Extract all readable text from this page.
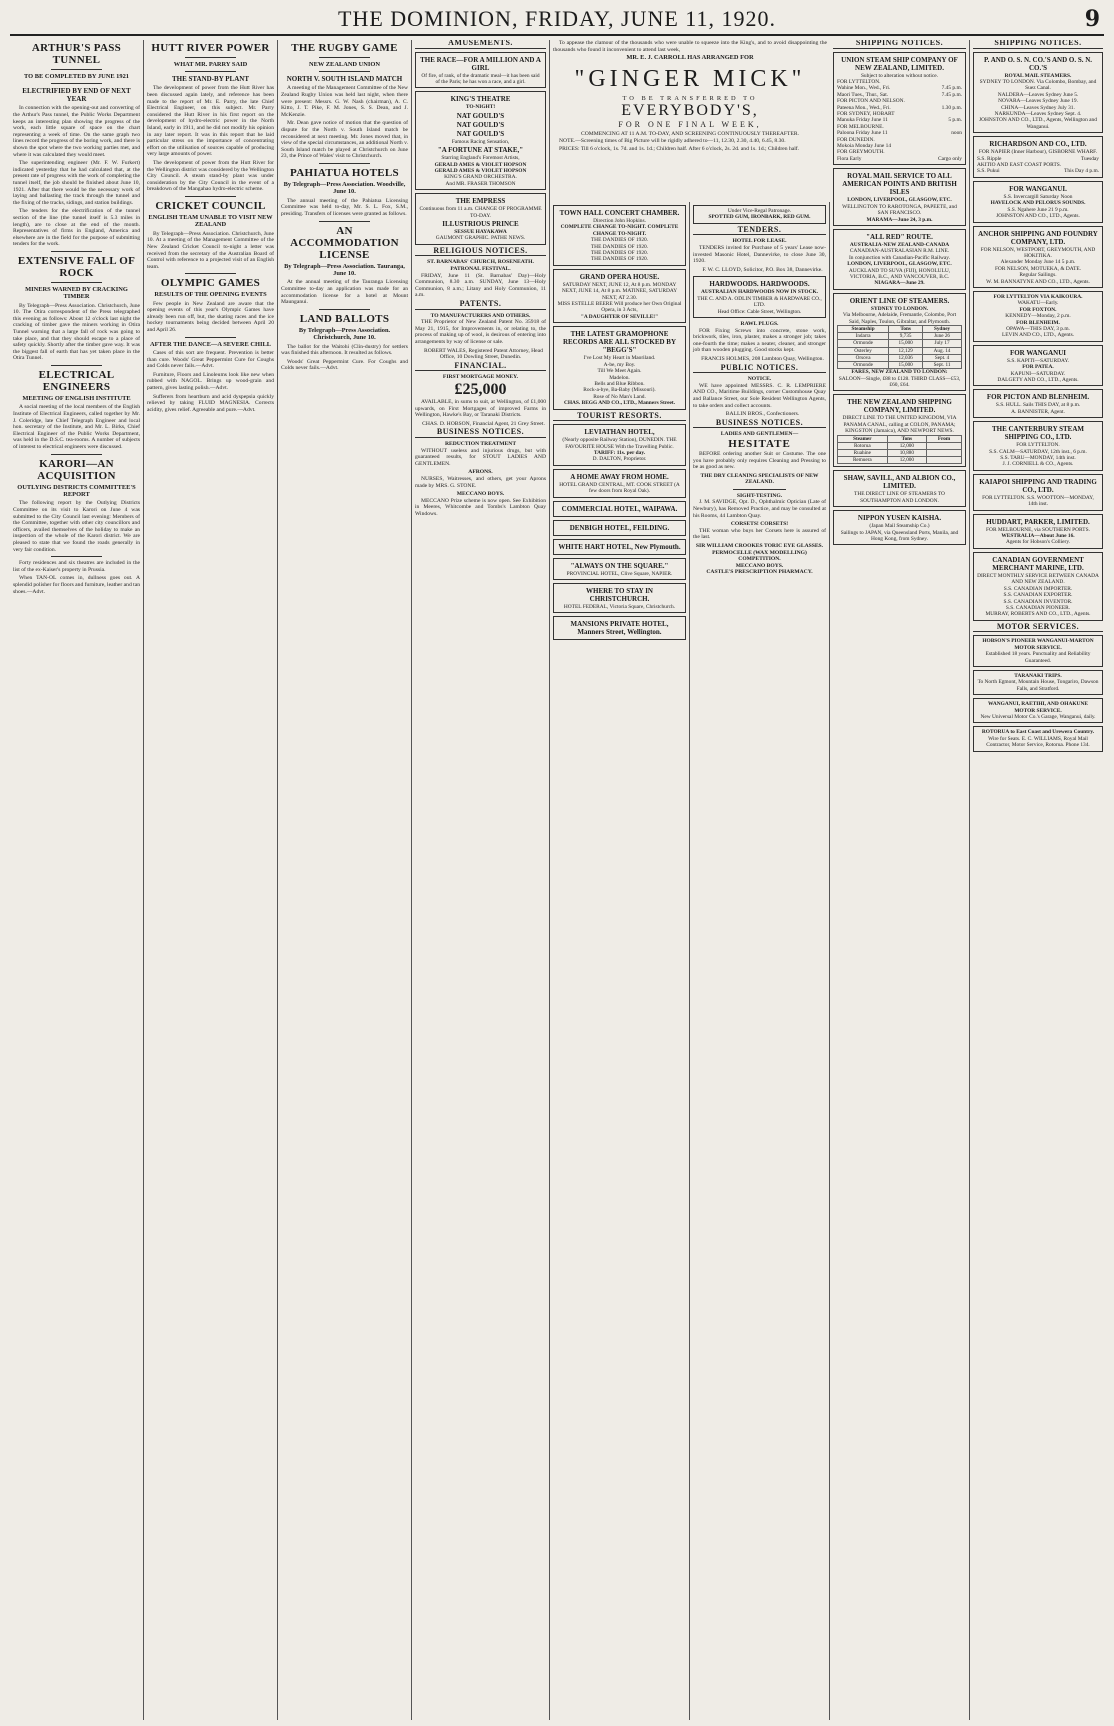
THE DOMINION, FRIDAY, JUNE 11, 1920.	9
ARTHUR'S PASS TUNNEL
TO BE COMPLETED BY JUNE 1921
ELECTRIFIED BY END OF NEXT YEAR

In connection with the opening-out and converting of the Arthur's Pass tunnel, the Public Works Department keeps an interesting plan showing the progress of the work, each little square of space on the chart representing a week of time. On the same graph two lines record the progress of the boring work, and there is shown the spot where the two working parties met, and where it was calculated they would meet.

The superintending engineer (Mr. F. W. Furkert) indicated yesterday that he had calculated that, at the present rate of progress with the work of completing the tunnel itself, the job should be finished about June 10, 1921. After that there would be the necessary work of laying and ballasting the track through the tunnel and the fixing of the tracks, sidings, and station buildings.

The tenders for the electrification of the tunnel section of the line (the tunnel itself is 5.3 miles in length), are to close at the end of the month. Representatives of firms in England, America and elsewhere are in the field for the purpose of submitting tenders for the work.

EXTENSIVE FALL OF ROCK
MINERS WARNED BY CRACKING TIMBER

By Telegraph—Press Association. Christchurch, June 10. The Otira correspondent of the Press telegraphed this evening as follows: About 12 o'clock last night the cracking of timber gave the miners working in Otira Tunnel warning that a large fall of rock was going to take place, and that they should escape to a place of safety quickly. Shortly after the timber gave way. It was the biggest fall of earth that has yet taken place in the Otira Tunnel.

ELECTRICAL ENGINEERS
MEETING OF ENGLISH INSTITUTE

A social meeting of the local members of the English Institute of Electrical Engineers, called together by Mr. J. Coleridge, late Chief Telegraph Engineer and local hon. secretary of the Institute, and Mr. L. Birks, Chief Electrical Engineer of the Public Works Department, was held in the D.S.C. tea-rooms. A number of subjects of interest to electrical engineers were discussed.

KARORI—AN ACQUISITION
OUTLYING DISTRICTS COMMITTEE'S REPORT

The following report by the Outlying Districts Committee on its visit to Karori on June 4 was submitted to the City Council last evening: Members of the Committee, together with other city councillors and officers, availed themselves of the holiday to make an inspection of the whole of the Karori district. We are pleased to state that we found the roads generally in very fair condition.

Forty residences and six theatres are included in the list of the ex-Kaiser's property in Prussia.

When TAN-OL comes in, dullness goes out. A splendid polisher for floors and furniture, leather and tan shoes.—Advt.

HUTT RIVER POWER
WHAT MR. PARRY SAID
THE STAND-BY PLANT

The development of power from the Hutt River has been discussed again lately, and reference has been made to the report of Mr. E. Parry, the late Chief Electrical Engineer, on this subject. Mr. Parry considered the Hutt River in his first report on the development of hydro-electric power in the North Island, early in 1911, and he did not modify his opinion in any later report. It was in this report that he laid particular stress on the importance of concentrating effort on the utilisation of sources capable of producing very large amounts of power.

The development of power from the Hutt River for the Wellington district was considered by the Wellington City Council. A steam stand-by plant was under consideration by the City Council in the event of a breakdown of the Mangahao hydro-electric scheme.

CRICKET COUNCIL
ENGLISH TEAM UNABLE TO VISIT NEW ZEALAND

By Telegraph—Press Association. Christchurch, June 10. At a meeting of the Management Committee of the New Zealand Cricket Council to-night a letter was received from the secretary of the Australian Board of Control with reference to a projected visit of an English team.

OLYMPIC GAMES
RESULTS OF THE OPENING EVENTS

Few people in New Zealand are aware that the opening events of this year's Olympic Games have already been run off, but, the skating races and the ice hockey tournaments being decided between April 20 and April 26.

AFTER THE DANCE—A SEVERE CHILL

Cases of this sort are frequent. Prevention is better than cure. Woods' Great Peppermint Cure for Coughs and Colds never fails.—Advt.

Furniture, Floors and Linoleums look like new when rubbed with NAGOL. Brings up wood-grain and pattern, gives lasting polish.—Advt.

Sufferers from heartburn and acid dyspepsia quickly relieved by taking FLUID MAGNESIA. Corrects acidity, gives relief. Agreeable and pure.—Advt.

THE RUGBY GAME
NEW ZEALAND UNION
NORTH V. SOUTH ISLAND MATCH

A meeting of the Management Committee of the New Zealand Rugby Union was held last night, when there were present: Messrs. G. W. Nash (chairman), A. C. Kitto, J. T. Pike, F. M. Jones, S. S. Dean, and J. McKenzie.

Mr. Dean gave notice of motion that the question of dispute for the North v. South Island match be reconsidered at next meeting. Mr. Jones moved that, in view of the special circumstances, an additional North v. South Island match be played at Christchurch on June 23, the Prince of Wales' visit to Christchurch.

PAHIATUA HOTELS
By Telegraph—Press Association. Woodville, June 10.

The annual meeting of the Pahiatua Licensing Committee was held to-day, Mr. S. L. Fox, S.M., presiding. Transfers of licenses were granted as follows.

AN ACCOMMODATION LICENSE
By Telegraph—Press Association. Tauranga, June 10.

At the annual meeting of the Tauranga Licensing Committee to-day an application was made for an accommodation license for a hotel at Mount Maunganui.

LAND BALLOTS
By Telegraph—Press Association. Christchurch, June 10.

The ballot for the Waitohi (Clin-dustry) for settlers was finished this afternoon. It resulted as follows.

Woods' Great Peppermint Cure. For Coughs and Colds never fails.—Advt.

AMUSEMENTS.
THE RACE—FOR A MILLION AND A GIRL
Of fire, of rank, of the dramatic meal—it has been said of the Paris; he has won a race, and a girl.
KING'S THEATRE
TO-NIGHT!
NAT GOULD'S
NAT GOULD'S
NAT GOULD'S
Famous Racing Sensation,
"A FORTUNE AT STAKE,"
Starring England's Foremost Artists,
GERALD AMES & VIOLET HOPSON
GERALD AMES & VIOLET HOPSON
KING'S GRAND ORCHESTRA.
And MR. FRASER THOMSON
THE EMPRESS
Continuous from 11 a.m. CHANGE OF PROGRAMME TO-DAY.
ILLUSTRIOUS PRINCE
SESSUE HAYAKAWA
GAUMONT GRAPHIC. PATHE NEWS.
RELIGIOUS NOTICES.
ST. BARNABAS' CHURCH, ROSENEATH. PATRONAL FESTIVAL.

FRIDAY, June 11 (St. Barnabas' Day)—Holy Communion, 8.30 a.m. SUNDAY, June 13—Holy Communion, 8 a.m.; Litany and Holy Communion, 11 a.m.

PATENTS.
TO MANUFACTURERS AND OTHERS.

THE Proprietor of New Zealand Patent No. 35918 of May 21, 1915, for Improvements in, or relating to, the process of making up of wool, is desirous of entering into arrangements by way of license or sale.

ROBERT WALES, Registered Patent Attorney, Head Office, 10 Dowling Street, Dunedin.

FINANCIAL.
FIRST MORTGAGE MONEY.
£25,000

AVAILABLE, in sums to suit, at Wellington, of £1,000 upwards, on First Mortgages of improved Farms in Wellington, Hawke's Bay, or Taranaki Districts.

CHAS. D. HOBSON, Financial Agent, 21 Grey Street.

BUSINESS NOTICES.
REDUCTION TREATMENT

WITHOUT useless and injurious drugs, but with guaranteed results, for STOUT LADIES AND GENTLEMEN.

AFRONS.

NURSES, Waitresses, and others, get your Aprons made by MRS. G. STONE.

MECCANO BOYS.

MECCANO Prize scheme is now open. See Exhibition in Meeres, Whitcombe and Tombs's Lambton Quay Windows.

To appease the clamour of the thousands who were unable to squeeze into the King's, and to avoid disappointing the thousands who found it inconvenient to attend last week,

MR. E. J. CARROLL HAS ARRANGED FOR
"GINGER MICK"
TO BE TRANSFERRED TO
EVERYBODY'S,
FOR ONE FINAL WEEK,
COMMENCING AT 11 A.M. TO-DAY, AND SCREENING CONTINUOUSLY THEREAFTER.

NOTE.—Screening times of Big Picture will be rigidly adhered to—11, 12.30, 2.30, 4.40, 6.45, 8.30.

PRICES: Till 6 o'clock, 1s. 7d. and 1s. 1d.; Children half. After 6 o'clock, 2s. 2d. and 1s. 1d.; Children half.

TOWN HALL CONCERT CHAMBER.
Direction John Hopkins.
COMPLETE CHANGE TO-NIGHT. COMPLETE CHANGE TO-NIGHT.
THE DANDIES OF 1920.
THE DANDIES OF 1920.
THE DANDIES OF 1920.
THE DANDIES OF 1920.
GRAND OPERA HOUSE.
SATURDAY NEXT, JUNE 12, At 8 p.m. MONDAY NEXT, JUNE 14, At 8 p.m. MATINEE, SATURDAY NEXT, AT 2.30.
MISS ESTELLE BEERE Will produce her Own Original Opera, in 3 Acts,
"A DAUGHTER OF SEVILLE!"
THE LATEST GRAMOPHONE RECORDS ARE ALL STOCKED BY "BEGG'S"
I've Lost My Heart in Maoriland.
A-be, my Boy.
Till We Meet Again.
Madelon.
Bells and Blue Ribbon.
Rock-a-bye, Ba-Baby (Missouri).
Rose of No Man's Land.
CHAS. BEGG AND CO., LTD., Manners Street.
TOURIST RESORTS.
LEVIATHAN HOTEL,
(Nearly opposite Railway Station), DUNEDIN. THE FAVOURITE HOUSE With the Travelling Public.
TARIFF: 11s. per day.
D. DALTON, Proprietor.
A HOME AWAY FROM HOME.
HOTEL GRAND CENTRAL, MT. COOK STREET (A few doors from Royal Oak).
COMMERCIAL HOTEL, WAIPAWA.
DENBIGH HOTEL, FEILDING.
WHITE HART HOTEL, New Plymouth.
"ALWAYS ON THE SQUARE."
PROVINCIAL HOTEL, Clive Square, NAPIER.
WHERE TO STAY IN CHRISTCHURCH.
HOTEL FEDERAL, Victoria Square, Christchurch.
MANSIONS PRIVATE HOTEL, Manners Street, Wellington.
Under Vice-Regal Patronage.
SPOTTED GUM, IRONBARK, RED GUM.
TENDERS.
HOTEL FOR LEASE.

TENDERS invited for Purchase of 5 years' Lease now-invested Masonic Hotel, Dannevirke, to close June 30, 1920.

F. W. C. LLOYD, Solicitor, P.O. Box 38, Dannevirke.

HARDWOODS. HARDWOODS.
AUSTRALIAN HARDWOODS NOW IN STOCK.
THE C. AND A. ODLIN TIMBER & HARDWARE CO., LTD.
Head Office: Cable Street, Wellington.
RAWL PLUGS.

FOR Fixing Screws into concrete, stone work, brickwork, tiles, iron, plaster, makes a stronger job; takes one-fourth the time; makes a neater, cleaner, and stronger job than wooden plugging. Good stocks kept.

FRANCIS HOLMES, 208 Lambton Quay, Wellington.

PUBLIC NOTICES.
NOTICE.

WE have appointed MESSRS. C. R. LEMPRIERE AND CO., Maritime Buildings, corner Customhouse Quay and Ballance Street, our Sole Resident Wellington Agents, to take orders and collect accounts.

BALLIN BROS., Confectioners.

BUSINESS NOTICES.
LADIES AND GENTLEMEN—
HESITATE

BEFORE ordering another Suit or Costume. The one you have probably only requires Cleaning and Pressing to be as good as new.

THE DRY CLEANING SPECIALISTS OF NEW ZEALAND.
SIGHT-TESTING.

J. M. SAVIDGE, Opt. D., Ophthalmic Optician (Late of Newbury), has Removed Practice, and may be consulted at his Rooms, 44 Lambton Quay.

CORSETS! CORSETS!

THE woman who buys her Corsets here is assured of the last.

SIR WILLIAM CROOKES TORIC EYE GLASSES.
PERMOCELLE (WAX MODELLING) COMPETITION.
MECCANO BOYS.
CASTLE'S PRESCRIPTION PHARMACY.
SHIPPING NOTICES.
UNION STEAM SHIP COMPANY OF NEW ZEALAND, LIMITED.
Subject to alteration without notice.
FOR LYTTELTON.
Wahine Mon., Wed., Fri.	7.45 p.m.
Maori Tues., Thur., Sat.	7.45 p.m.
FOR PICTON AND NELSON.
Pateena Mon., Wed., Fri.	1.30 p.m.
FOR SYDNEY, HOBART
Manuka Friday June 11	5 p.m.
FOR MELBOURNE.
Paloona Friday June 11	noon
FOR DUNEDIN.
Mokoia Monday June 14
FOR GREYMOUTH.
Flora Early	Cargo only
ROYAL MAIL SERVICE TO ALL AMERICAN POINTS AND BRITISH ISLES
LONDON, LIVERPOOL, GLASGOW, ETC.
WELLINGTON TO RAROTONGA, PAPEETE, and SAN FRANCISCO.
MARAMA—June 24, 3 p.m.
"ALL RED" ROUTE.
AUSTRALIA-NEW ZEALAND-CANADA
CANADIAN-AUSTRALASIAN R.M. LINE.
In conjunction with Canadian-Pacific Railway.
LONDON, LIVERPOOL, GLASGOW, ETC.
AUCKLAND TO SUVA (FIJI), HONOLULU, VICTORIA, B.C., AND VANCOUVER, B.C.
NIAGARA—June 29.
ORIENT LINE OF STEAMERS.
SYDNEY TO LONDON.
Via Melbourne, Adelaide, Fremantle, Colombo, Port Said, Naples, Toulon, Gibraltar, and Plymouth.
Steamship	Tons	Sydney
Indarra	9,735	June 26
Ormonde	15,000	July 17
Osterley	12,129	Aug. 14
Orsova	12,036	Sept. 4
Ormonde	15,000	Sept. 11
FARES, NEW ZEALAND TO LONDON:
SALOON—Single, £88 to £128. THIRD CLASS—£53, £60, £64.
THE NEW ZEALAND SHIPPING COMPANY, LIMITED.
DIRECT LINE TO THE UNITED KINGDOM, VIA PANAMA CANAL, calling at COLON, PANAMA; KINGSTON (Jamaica), AND NEWPORT NEWS.
Steamer	Tons	From
Rotorua	12,000	
Ruahine	10,880	
Remuera	12,000	
SHAW, SAVILL, AND ALBION CO., LIMITED.
THE DIRECT LINE OF STEAMERS TO SOUTHAMPTON AND LONDON.
NIPPON YUSEN KAISHA.
(Japan Mail Steamship Co.)
Sailings to JAPAN, via Queensland Ports, Manila, and Hong Kong, from Sydney.
SHIPPING NOTICES.
P. AND O. S. N. CO.'S AND O. S. N. CO.'S
ROYAL MAIL STEAMERS.
SYDNEY TO LONDON. Via Colombo, Bombay, and Suez Canal.
NALDERA—Leaves Sydney June 5.
NOVARA—Leaves Sydney June 19.
CHINA—Leaves Sydney July 31.
NARKUNDA—Leaves Sydney Sept. 4.
JOHNSTON AND CO., LTD., Agents, Wellington and Wanganui.
RICHARDSON AND CO., LTD.
FOR NAPIER (Inner Harbour), GISBORNE WHARF.
S.S. Ripple	Tuesday
AKITIO AND EAST COAST PORTS.
S.S. Pukui	This Day 4 p.m.
FOR WANGANUI.
S.S. Invercargill Saturday Noon
HAVELOCK AND PELORUS SOUNDS.
S.S. Ngahere June 21 9 p.m.
JOHNSTON AND CO., LTD., Agents.
ANCHOR SHIPPING AND FOUNDRY COMPANY, LTD.
FOR NELSON, WESTPORT, GREYMOUTH, AND HOKITIKA.
Alexander Monday June 14 5 p.m.
FOR NELSON, MOTUEKA, & DATE.
Regular Sailings.
W. M. BANNATYNE AND CO., LTD., Agents.
FOR LYTTELTON VIA KAIKOURA.
WAKATU—Early.
FOR FOXTON.
KENNEDY—Monday, 2 p.m.
FOR BLENHEIM.
OPAWA—THIS DAY, 3 p.m.
LEVIN AND CO., LTD., Agents.
FOR WANGANUI
S.S. KAPITI—SATURDAY.
FOR PATEA.
KAPUNI—SATURDAY.
DALGETY AND CO., LTD., Agents.
FOR PICTON AND BLENHEIM.
S.S. HULL. Sails THIS DAY, at 8 p.m.
A. BANNISTER, Agent.
THE CANTERBURY STEAM SHIPPING CO., LTD.
FOR LYTTELTON.
S.S. CALM—SATURDAY, 12th inst., 6 p.m.
S.S. TARU—MONDAY, 14th inst.
J. J. CORNIELL & CO., Agents.
KAIAPOI SHIPPING AND TRADING CO., LTD.
FOR LYTTELTON. S.S. WOOTTON—MONDAY, 14th inst.
HUDDART, PARKER, LIMITED.
FOR MELBOURNE, via SOUTHERN PORTS.
WESTRALIA—About June 16.
Agents for Hobson's Colliery.
CANADIAN GOVERNMENT MERCHANT MARINE, LTD.
DIRECT MONTHLY SERVICE BETWEEN CANADA AND NEW ZEALAND.
S.S. CANADIAN IMPORTER.
S.S. CANADIAN EXPORTER.
S.S. CANADIAN INVENTOR.
S.S. CANADIAN PIONEER.
MURRAY, ROBERTS AND CO., LTD., Agents.
MOTOR SERVICES.
HOBSON'S PIONEER WANGANUI-MARTON MOTOR SERVICE.
Established 18 years. Punctuality and Reliability Guaranteed.
TARANAKI TRIPS.
To North Egmont, Mountain House, Tongariro, Dawson Falls, and Stratford.
WANGANUI, RAETIHI, AND OHAKUNE MOTOR SERVICE.
New Universal Motor Co.'s Garage, Wanganui, daily.
ROTORUA to East Coast and Urewera Country.
Wire for Seats. E. C. WILLIAMS, Royal Mail Contractor, Motor Service, Rotorua. Phone 134.
